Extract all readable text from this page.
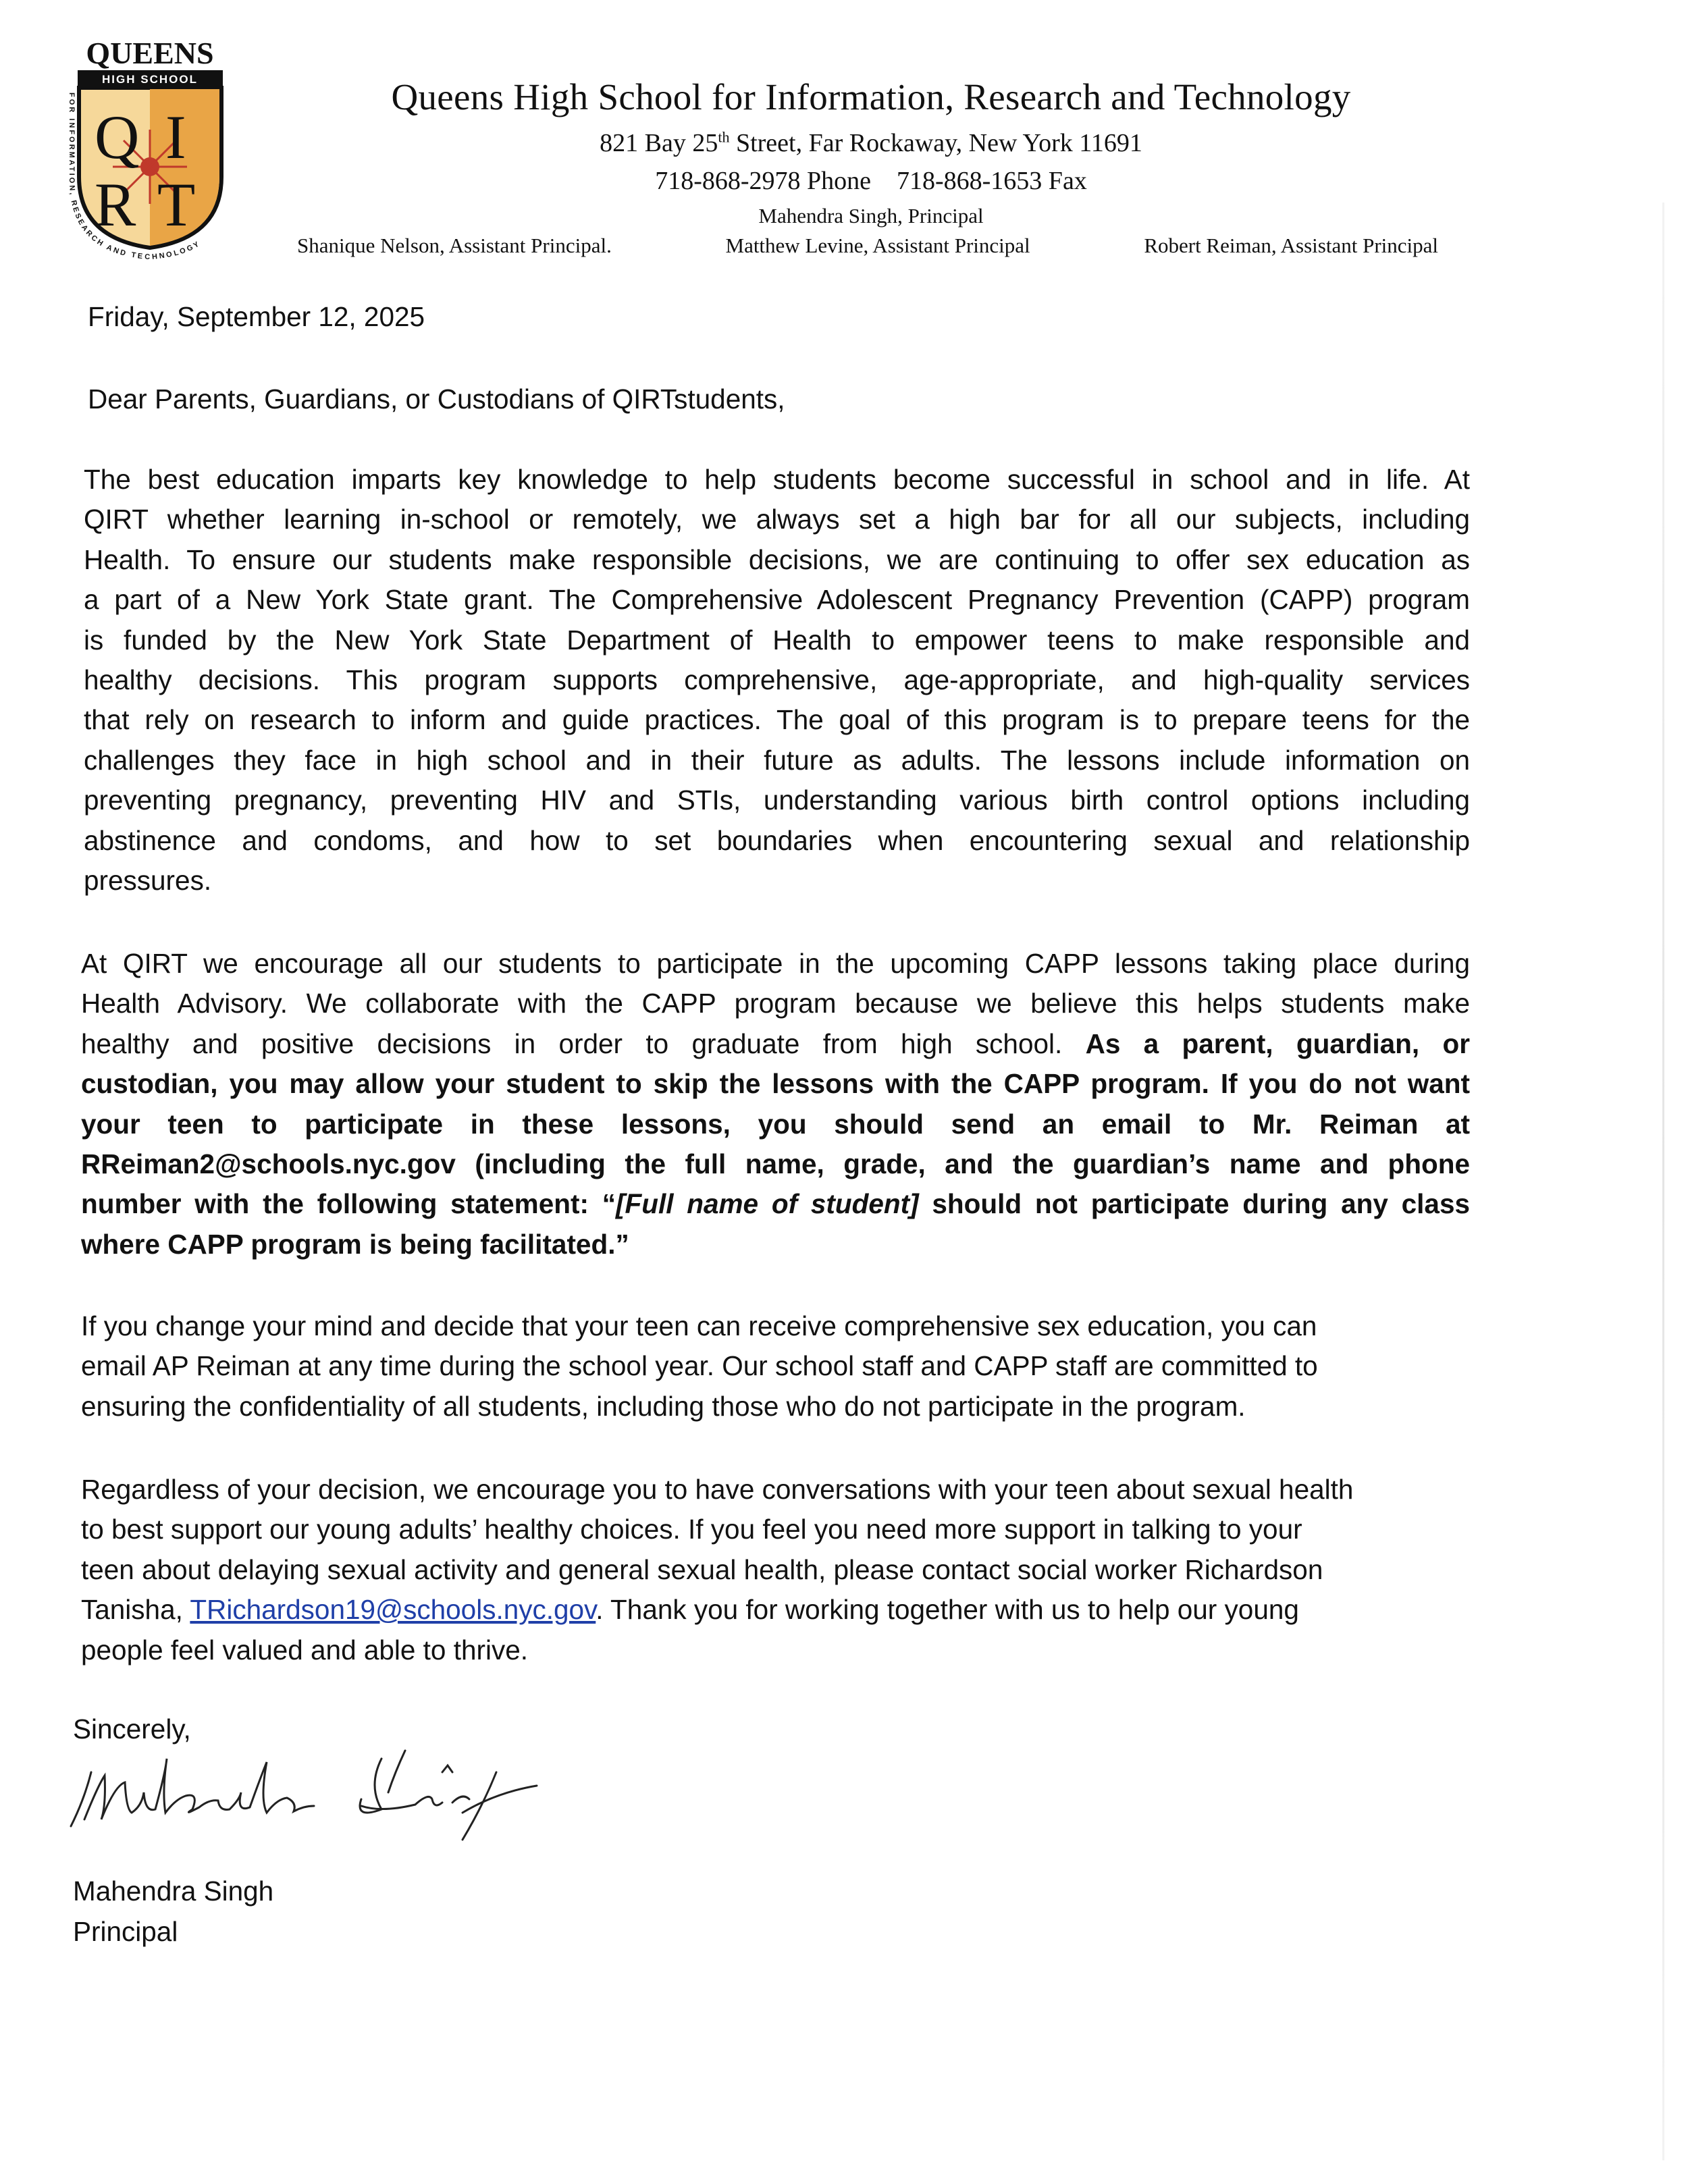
QUEENS
HIGH SCHOOL
Q I
R T
FOR INFORMATION, RESEARCH AND TECHNOLOGY
Queens High School for Information, Research and Technology
821 Bay 25th Street, Far Rockaway, New York 11691
718-868-2978 Phone 718-868-1653 Fax
Mahendra Singh, Principal
Shanique Nelson, Assistant Principal.	Matthew Levine, Assistant Principal	Robert Reiman, Assistant Principal
Friday, September 12, 2025
Dear Parents, Guardians, or Custodians of QIRTstudents,
The best education imparts key knowledge to help students become successful in school and in life. At
QIRT whether learning in-school or remotely, we always set a high bar for all our subjects, including
Health. To ensure our students make responsible decisions, we are continuing to offer sex education as
a part of a New York State grant. The Comprehensive Adolescent Pregnancy Prevention (CAPP) program
is funded by the New York State Department of Health to empower teens to make responsible and
healthy decisions. This program supports comprehensive, age-appropriate, and high-quality services
that rely on research to inform and guide practices. The goal of this program is to prepare teens for the
challenges they face in high school and in their future as adults. The lessons include information on
preventing pregnancy, preventing HIV and STIs, understanding various birth control options including
abstinence and condoms, and how to set boundaries when encountering sexual and relationship
pressures.
At QIRT we encourage all our students to participate in the upcoming CAPP lessons taking place during
Health Advisory. We collaborate with the CAPP program because we believe this helps students make
healthy and positive decisions in order to graduate from high school. As a parent, guardian, or
custodian, you may allow your student to skip the lessons with the CAPP program. If you do not want
your teen to participate in these lessons, you should send an email to Mr. Reiman at
RReiman2@schools.nyc.gov (including the full name, grade, and the guardian’s name and phone
number with the following statement: “[Full name of student] should not participate during any class
where CAPP program is being facilitated.”
If you change your mind and decide that your teen can receive comprehensive sex education, you can
email AP Reiman at any time during the school year. Our school staff and CAPP staff are committed to
ensuring the confidentiality of all students, including those who do not participate in the program.
Regardless of your decision, we encourage you to have conversations with your teen about sexual health
to best support our young adults’ healthy choices. If you feel you need more support in talking to your
teen about delaying sexual activity and general sexual health, please contact social worker Richardson
Tanisha, TRichardson19@schools.nyc.gov. Thank you for working together with us to help our young
people feel valued and able to thrive.
Sincerely,
Mahendra Singh
Principal
